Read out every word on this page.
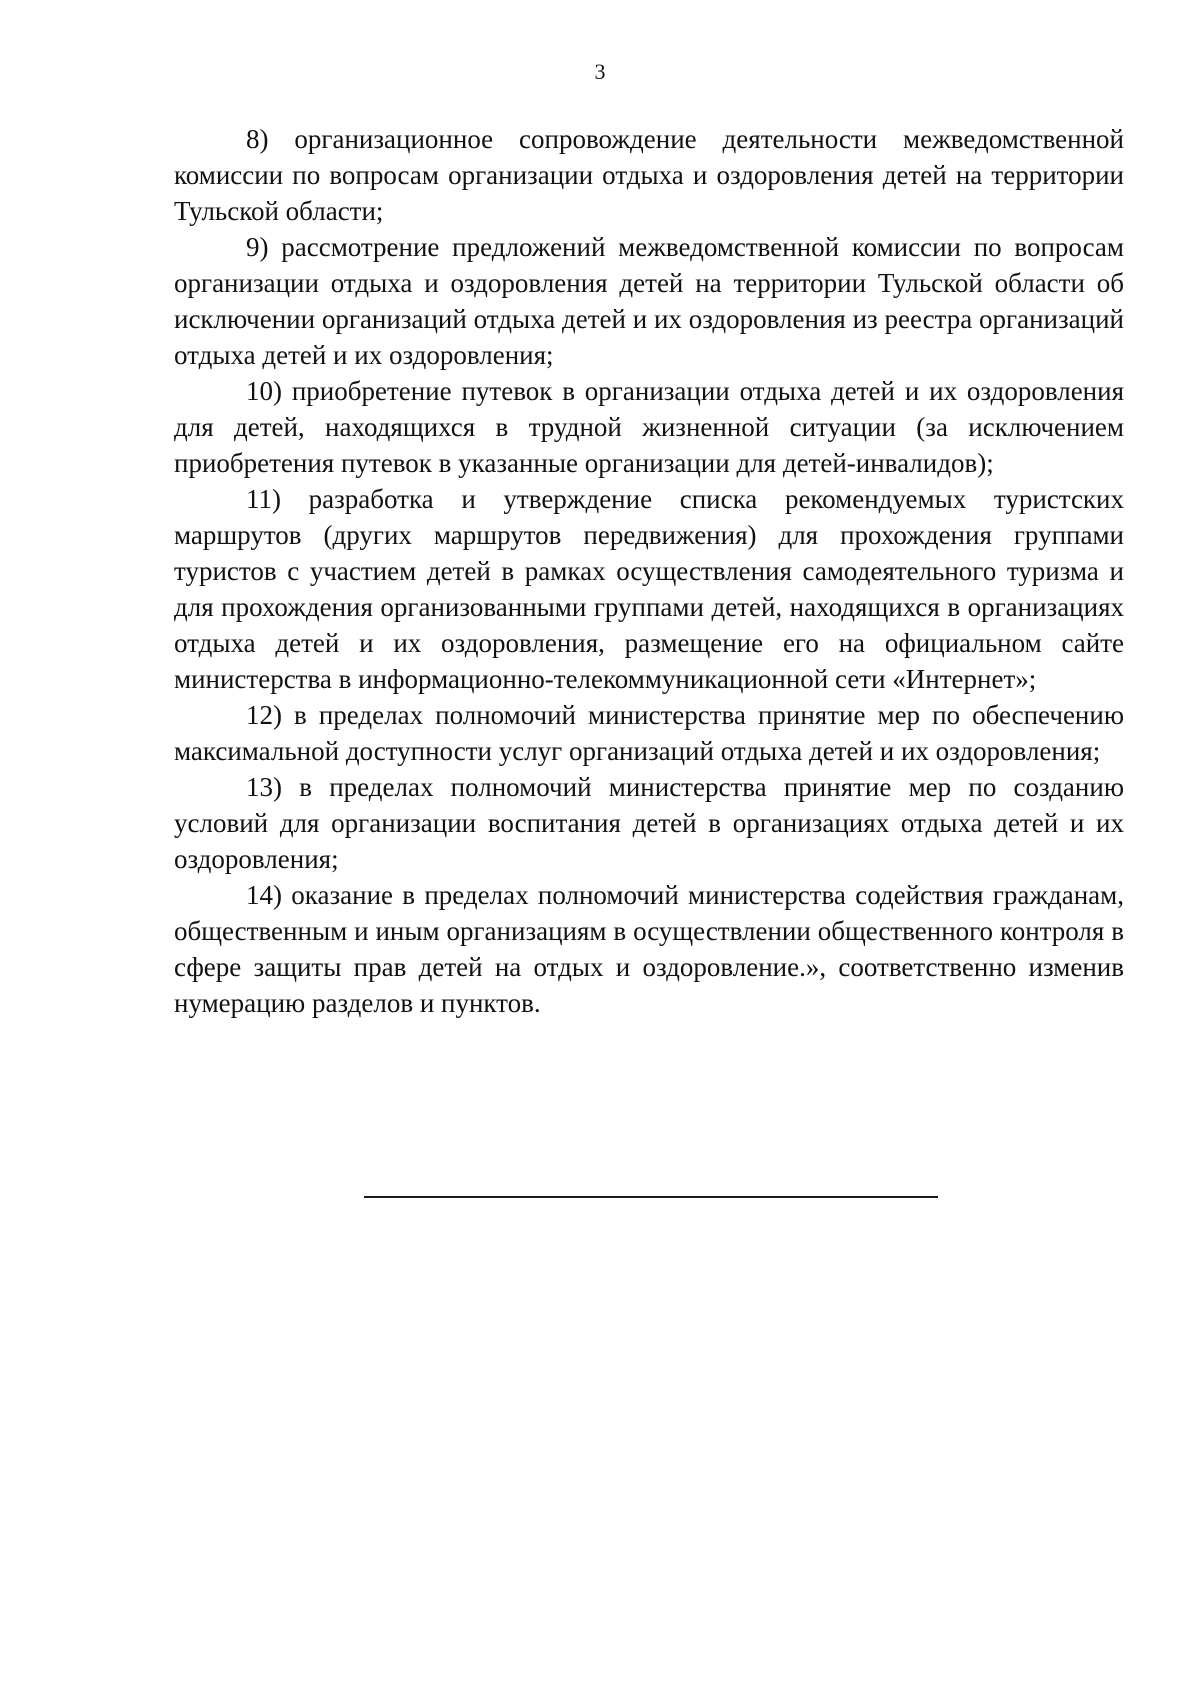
3

8) организационное сопровождение деятельности межведомственной комиссии по вопросам организации отдыха и оздоровления детей на территории Тульской области;

9) рассмотрение предложений межведомственной комиссии по вопросам организации отдыха и оздоровления детей на территории Тульской области об исключении организаций отдыха детей и их оздоровления из реестра организаций отдыха детей и их оздоровления;

10) приобретение путевок в организации отдыха детей и их оздоровления для детей, находящихся в трудной жизненной ситуации (за исключением приобретения путевок в указанные организации для детей-инвалидов);

11) разработка и утверждение списка рекомендуемых туристских маршрутов (других маршрутов передвижения) для прохождения группами туристов с участием детей в рамках осуществления самодеятельного туризма и для прохождения организованными группами детей, находящихся в организациях отдыха детей и их оздоровления, размещение его на официальном сайте министерства в информационно-телекоммуникационной сети «Интернет»;

12) в пределах полномочий министерства принятие мер по обеспечению максимальной доступности услуг организаций отдыха детей и их оздоровления;

13) в пределах полномочий министерства принятие мер по созданию условий для организации воспитания детей в организациях отдыха детей и их оздоровления;

14) оказание в пределах полномочий министерства содействия гражданам, общественным и иным организациям в осуществлении общественного контроля в сфере защиты прав детей на отдых и оздоровление.», соответственно изменив нумерацию разделов и пунктов.
